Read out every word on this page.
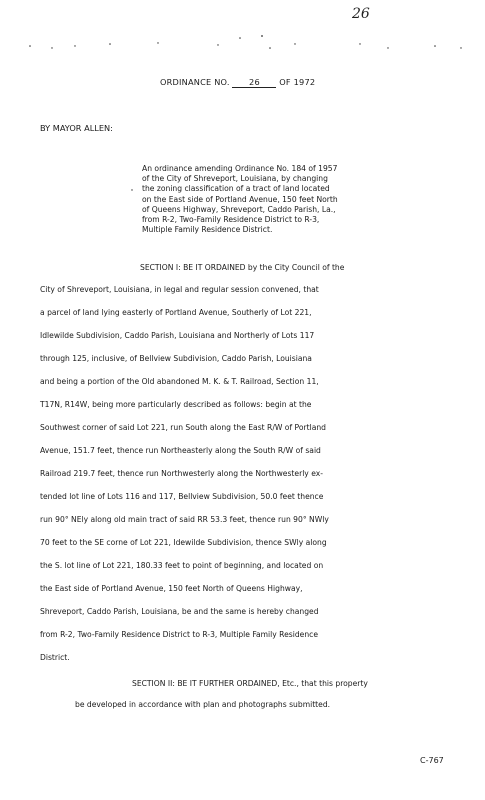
26
ORDINANCE NO. 26 OF 1972
BY MAYOR ALLEN:
An ordinance amending Ordinance No. 184 of 1957
of the City of Shreveport, Louisiana, by changing
the zoning classification of a tract of land located
on the East side of Portland Avenue, 150 feet North
of Queens Highway, Shreveport, Caddo Parish, La.,
from R-2, Two-Family Residence District to R-3,
Multiple Family Residence District.
SECTION I: BE IT ORDAINED by the City Council of the
City of Shreveport, Louisiana, in legal and regular session convened, that
a parcel of land lying easterly of Portland Avenue, Southerly of Lot 221,
Idlewilde Subdivision, Caddo Parish, Louisiana and Northerly of Lots 117
through 125, inclusive, of Bellview Subdivision, Caddo Parish, Louisiana
and being a portion of the Old abandoned M. K. & T. Railroad, Section 11,
T17N, R14W, being more particularly described as follows: begin at the
Southwest corner of said Lot 221, run South along the East R/W of Portland
Avenue, 151.7 feet, thence run Northeasterly along the South R/W of said
Railroad 219.7 feet, thence run Northwesterly along the Northwesterly ex-
tended lot line of Lots 116 and 117, Bellview Subdivision, 50.0 feet thence
run 90° NEly along old main tract of said RR 53.3 feet, thence run 90° NWly
70 feet to the SE corne of Lot 221, Idewilde Subdivision, thence SWly along
the S. lot line of Lot 221, 180.33 feet to point of beginning, and located on
the East side of Portland Avenue, 150 feet North of Queens Highway,
Shreveport, Caddo Parish, Louisiana, be and the same is hereby changed
from R-2, Two-Family Residence District to R-3, Multiple Family Residence
District.
SECTION II: BE IT FURTHER ORDAINED, Etc., that this property
be developed in accordance with plan and photographs submitted.
C-767
